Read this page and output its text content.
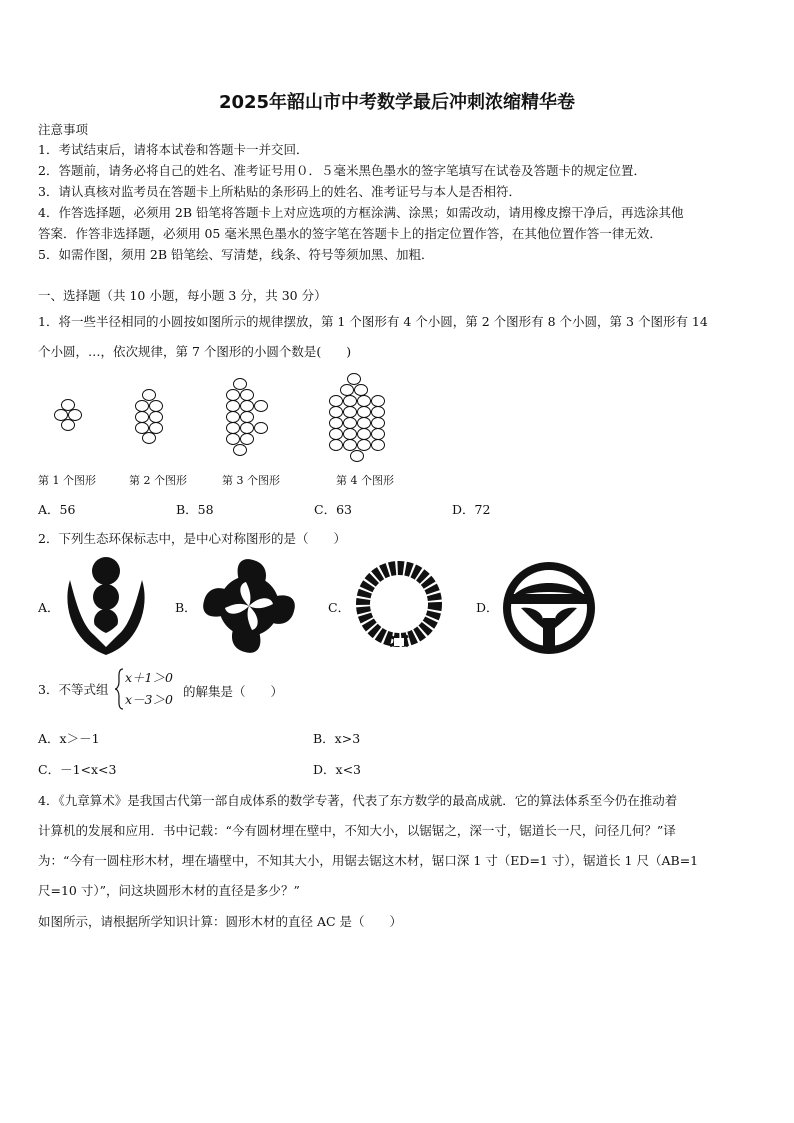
2025年韶山市中考数学最后冲刺浓缩精华卷
注意事项
1．考试结束后，请将本试卷和答题卡一并交回．
2．答题前，请务必将自己的姓名、准考证号用０．５毫米黑色墨水的签字笔填写在试卷及答题卡的规定位置．
3．请认真核对监考员在答题卡上所粘贴的条形码上的姓名、准考证号与本人是否相符．
4．作答选择题，必须用 2B 铅笔将答题卡上对应选项的方框涂满、涂黑；如需改动，请用橡皮擦干净后，再选涂其他
答案．作答非选择题，必须用 05 毫米黑色墨水的签字笔在答题卡上的指定位置作答，在其他位置作答一律无效．
5．如需作图，须用 2B 铅笔绘、写清楚，线条、符号等须加黑、加粗．
一、选择题（共 10 小题，每小题 3 分，共 30 分）
1．将一些半径相同的小圆按如图所示的规律摆放，第 1 个图形有 4 个小圆，第 2 个图形有 8 个小圆，第 3 个图形有 14
个小圆，…，依次规律，第 7 个图形的小圆个数是(　　)
第 1 个图形	第 2 个图形	第 3 个图形	第 4 个图形
A．56	B．58	C．63	D．72
2．下列生态环保标志中，是中心对称图形的是（　　）
A．	B．	C．	D．
3．不等式组
x＋1＞0
x－3＞0
的解集是（　　）
A．x＞－1	B．x>3
C．－1<x<3	D．x<3
4．《九章算术》是我国古代第一部自成体系的数学专著，代表了东方数学的最高成就．它的算法体系至今仍在推动着
计算机的发展和应用．书中记载：“今有圆材埋在壁中，不知大小，以锯锯之，深一寸，锯道长一尺，问径几何？”译
为：“今有一圆柱形木材，埋在墙壁中，不知其大小，用锯去锯这木材，锯口深 1 寸（ED=1 寸），锯道长 1 尺（AB=1
尺=10 寸）”，问这块圆形木材的直径是多少？”
如图所示，请根据所学知识计算：圆形木材的直径 AC 是（　　）
